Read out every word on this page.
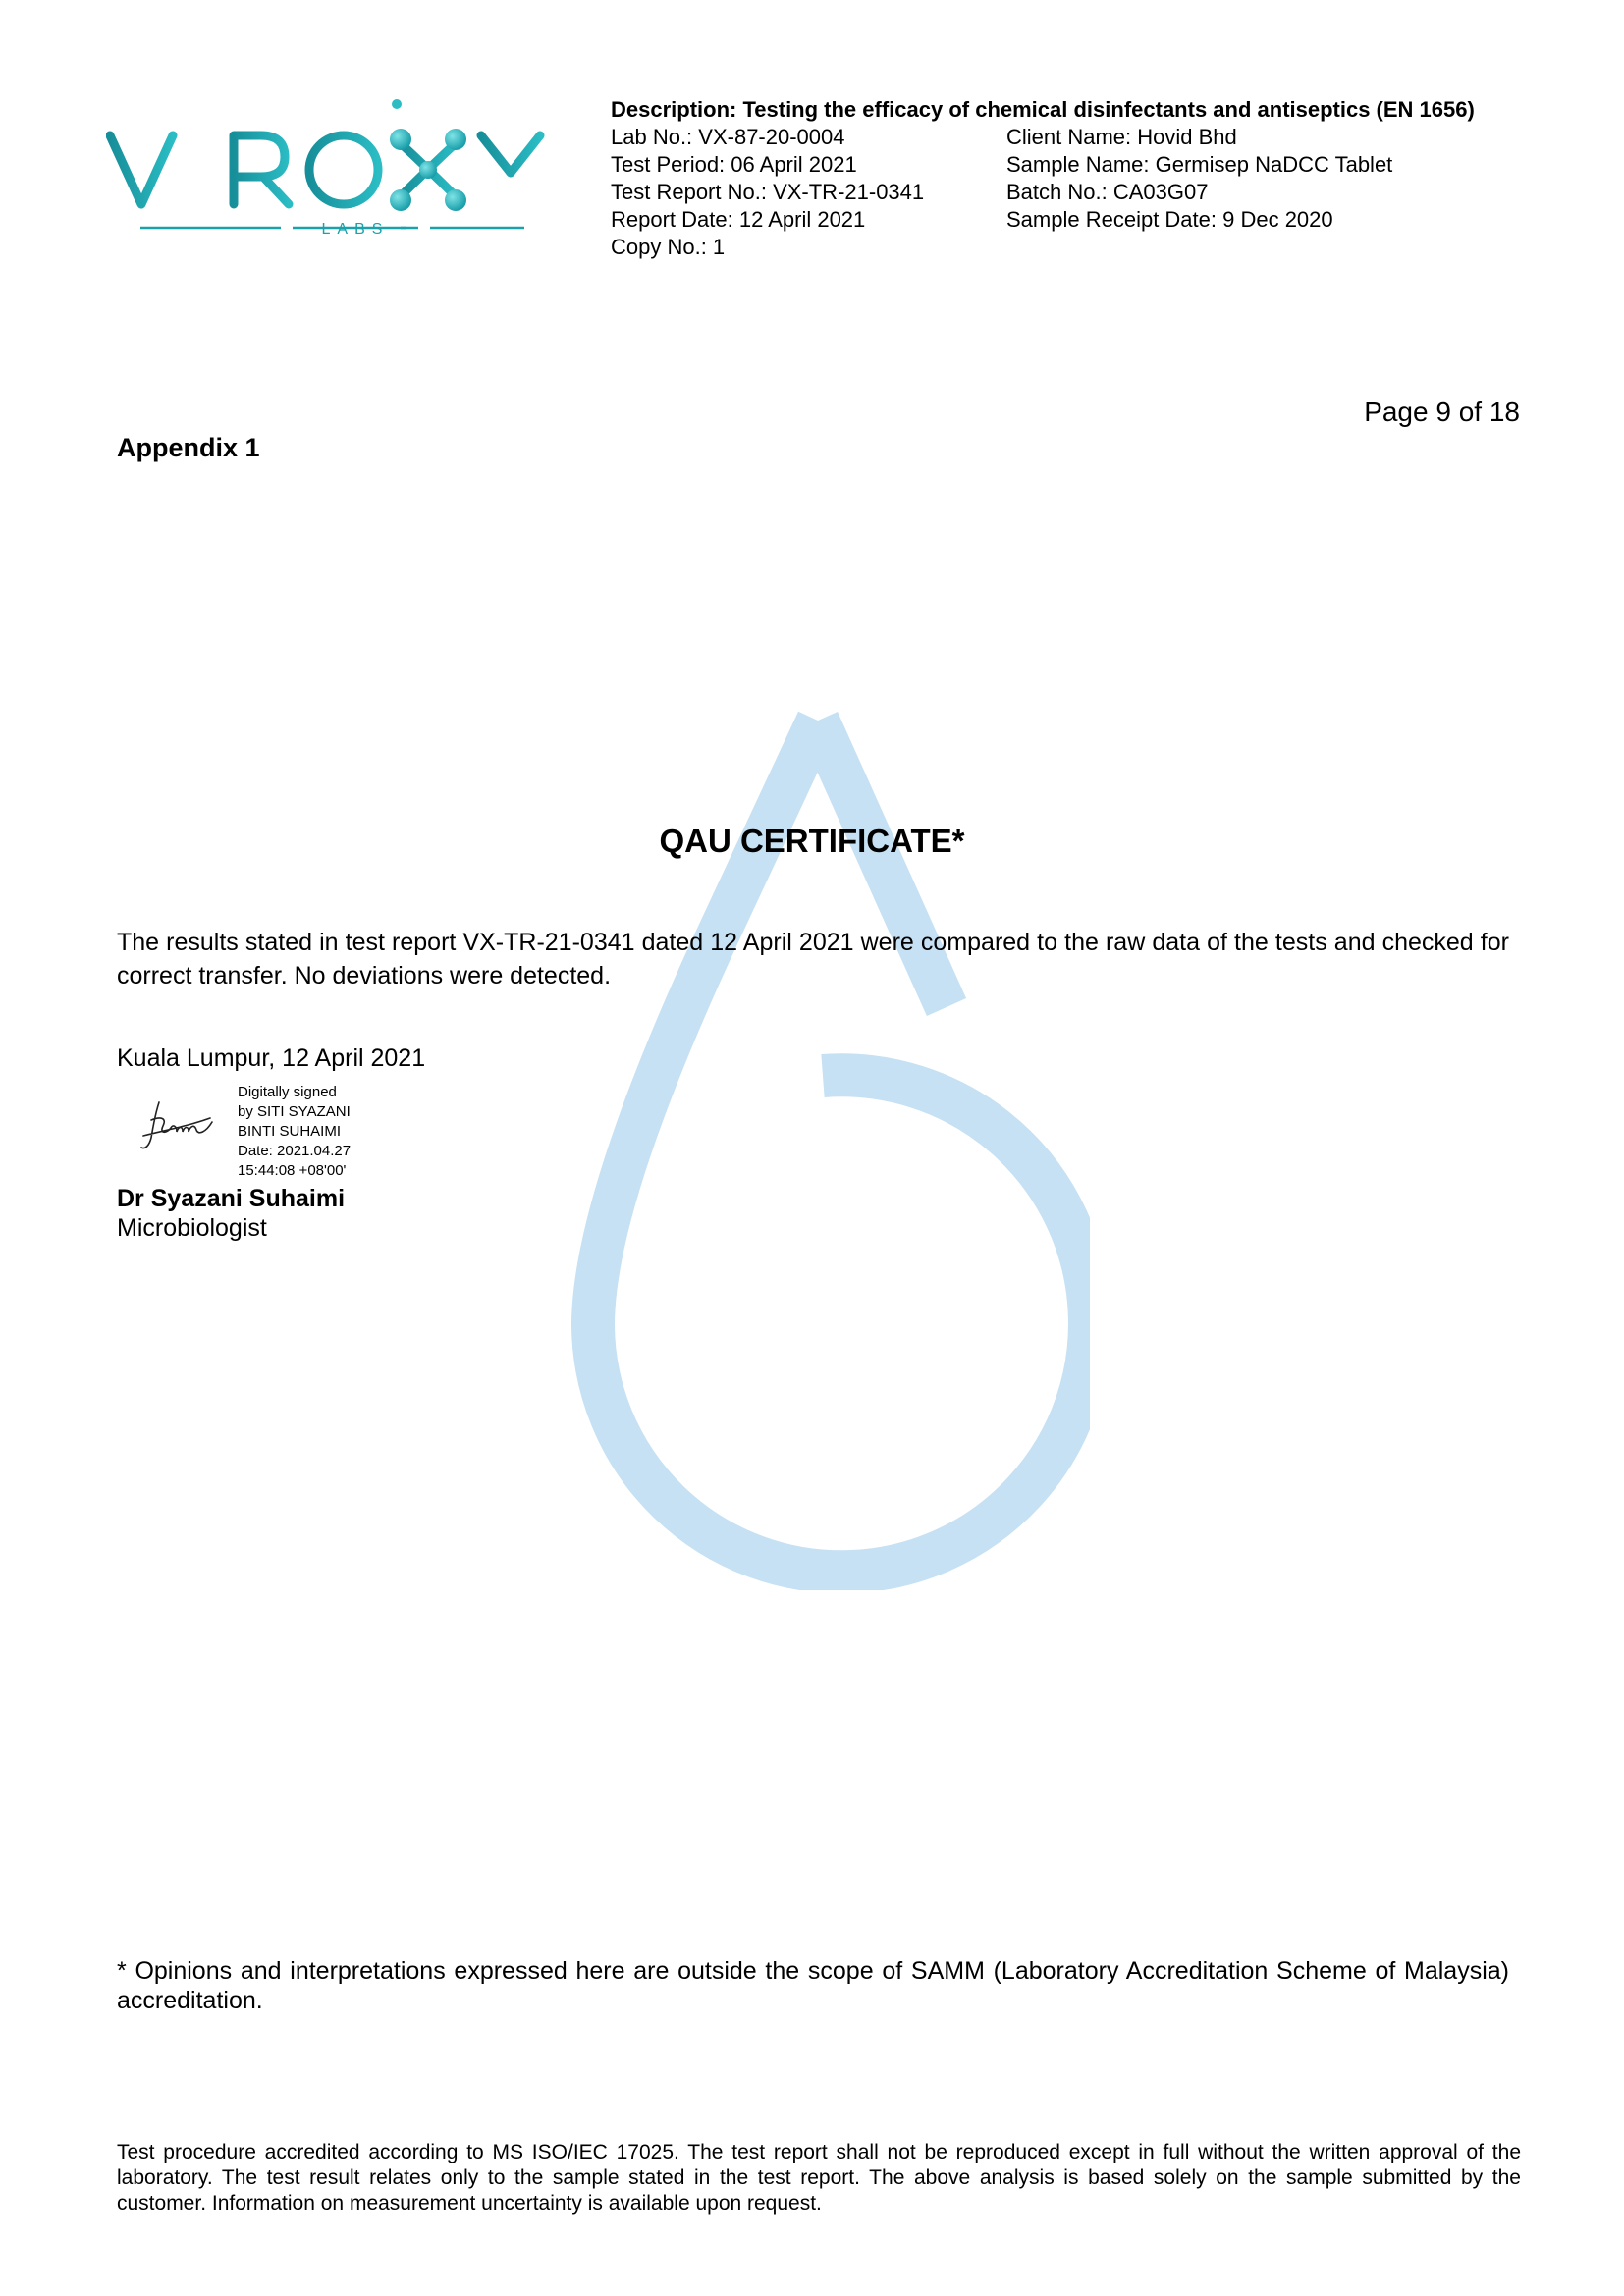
LABS
Description: Testing the efficacy of chemical disinfectants and antiseptics (EN 1656)
Lab No.: VX-87-20-0004	Client Name: Hovid Bhd
Test Period: 06 April 2021	Sample Name: Germisep NaDCC Tablet
Test Report No.: VX-TR-21-0341	Batch No.: CA03G07
Report Date: 12 April 2021	Sample Receipt Date: 9 Dec 2020
Copy No.: 1
Page 9 of 18
Appendix 1
QAU CERTIFICATE*
The results stated in test report VX-TR-21-0341 dated 12 April 2021 were compared to the raw data of the tests and checked for correct transfer. No deviations were detected.
Kuala Lumpur, 12 April 2021
Digitally signed
by SITI SYAZANI
BINTI SUHAIMI
Date: 2021.04.27
15:44:08 +08'00'
Dr Syazani Suhaimi
Microbiologist
* Opinions and interpretations expressed here are outside the scope of SAMM (Laboratory Accreditation Scheme of Malaysia) accreditation.
Test procedure accredited according to MS ISO/IEC 17025. The test report shall not be reproduced except in full without the written approval of the laboratory. The test result relates only to the sample stated in the test report. The above analysis is based solely on the sample submitted by the customer. Information on measurement uncertainty is available upon request.
